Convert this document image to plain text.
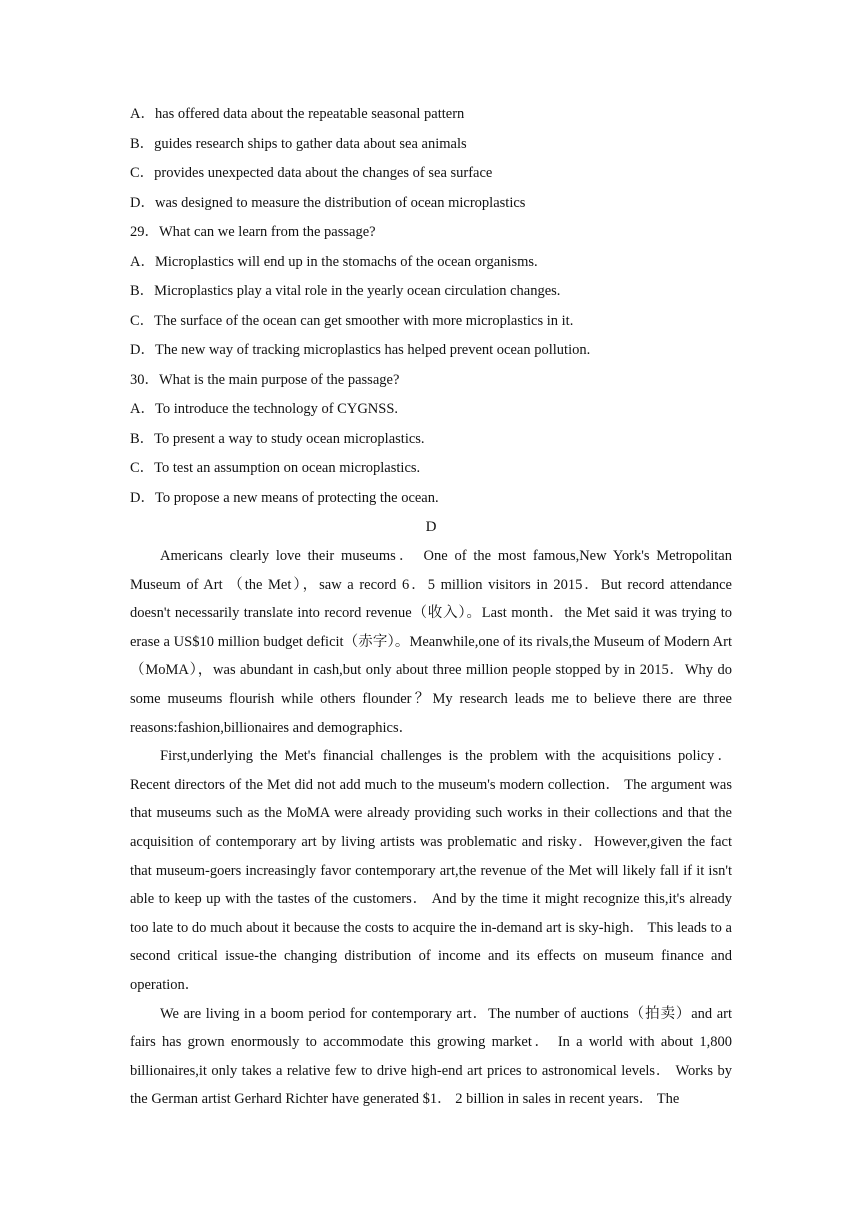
A．has offered data about the repeatable seasonal pattern
B．guides research ships to gather data about sea animals
C．provides unexpected data about the changes of sea surface
D．was designed to measure the distribution of ocean microplastics
29．What can we learn from the passage?
A．Microplastics will end up in the stomachs of the ocean organisms.
B．Microplastics play a vital role in the yearly ocean circulation changes.
C．The surface of the ocean can get smoother with more microplastics in it.
D．The new way of tracking microplastics has helped prevent ocean pollution.
30．What is the main purpose of the passage?
A．To introduce the technology of CYGNSS.
B．To present a way to study ocean microplastics.
C．To test an assumption on ocean microplastics.
D．To propose a new means of protecting the ocean.
D

Americans clearly love their museums． One of the most famous,New York's Metropolitan Museum of Art （the Met），saw a record 6．5 million visitors in 2015．But record attendance doesn't necessarily translate into record revenue（收入）。Last month．the Met said it was trying to erase a US$10 million budget deficit（赤字）。Meanwhile,one of its rivals,the Museum of Modern Art（MoMA），was abundant in cash,but only about three million people stopped by in 2015．Why do some museums flourish while others flounder？My research leads me to believe there are three reasons:fashion,billionaires and demographics．

First,underlying the Met's financial challenges is the problem with the acquisitions policy． Recent directors of the Met did not add much to the museum's modern collection． The argument was that museums such as the MoMA were already providing such works in their collections and that the acquisition of contemporary art by living artists was problematic and risky．However,given the fact that museum-goers increasingly favor contemporary art,the revenue of the Met will likely fall if it isn't able to keep up with the tastes of the customers． And by the time it might recognize this,it's already too late to do much about it because the costs to acquire the in-demand art is sky-high． This leads to a second critical issue-the changing distribution of income and its effects on museum finance and operation．

We are living in a boom period for contemporary art．The number of auctions（拍卖）and art fairs has grown enormously to accommodate this growing market． In a world with about 1,800 billionaires,it only takes a relative few to drive high-end art prices to astronomical levels． Works by the German artist Gerhard Richter have generated $1． 2 billion in sales in recent years． The
